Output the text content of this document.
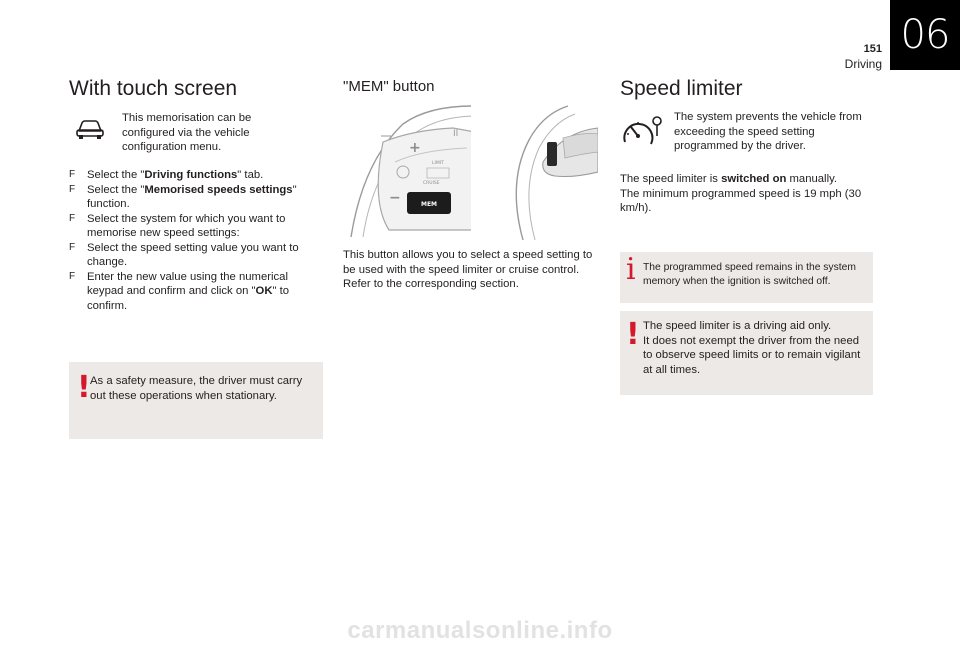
06
151
Driving
With touch screen
This memorisation can be configured via the vehicle configuration menu.
F Select the "Driving functions" tab.
F Select the "Memorised speeds settings" function.
F Select the system for which you want to memorise new speed settings:
F Select the speed setting value you want to change.
F Enter the new value using the numerical keypad and confirm and click on "OK" to confirm.
! As a safety measure, the driver must carry out these operations when stationary.
"MEM" button
+
−
II
LIMIT
CRUISE
MEM
This button allows you to select a speed setting to be used with the speed limiter or cruise control.
Refer to the corresponding section.
Speed limiter
The system prevents the vehicle from exceeding the speed setting programmed by the driver.
The speed limiter is switched on manually.
The minimum programmed speed is 19 mph (30 km/h).
i The programmed speed remains in the system memory when the ignition is switched off.
! The speed limiter is a driving aid only.
It does not exempt the driver from the need to observe speed limits or to remain vigilant at all times.
carmanualsonline.info
